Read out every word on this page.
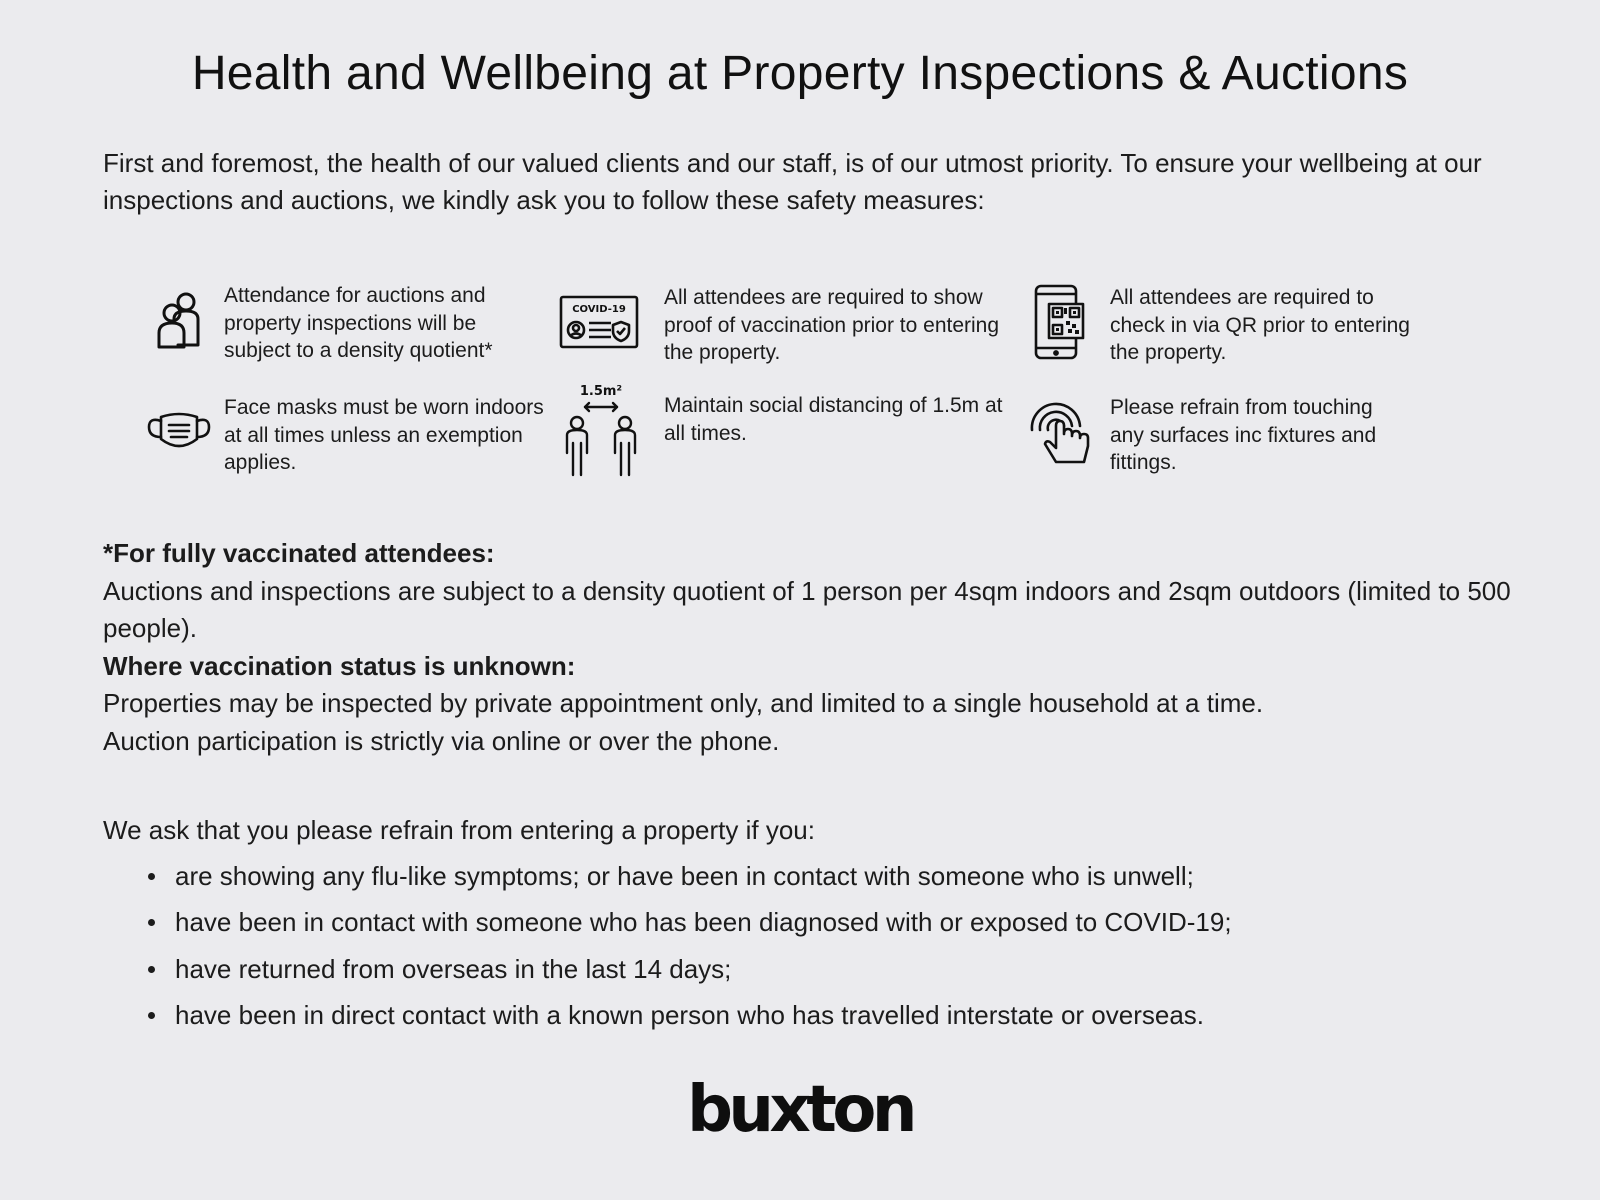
Health and Wellbeing at Property Inspections & Auctions

First and foremost, the health of our valued clients and our staff, is of our utmost priority. To ensure your wellbeing at our inspections and auctions, we kindly ask you to follow these safety measures:

Attendance for auctions and property inspections will be subject to a density quotient*
COVID-19
All attendees are required to show proof of vaccination prior to entering the property.
All attendees are required to check in via QR prior to entering the property.
Face masks must be worn indoors at all times unless an exemption applies.
1.5m²
Maintain social distancing of 1.5m at all times.
Please refrain from touching any surfaces inc fixtures and fittings.

*For fully vaccinated attendees:

Auctions and inspections are subject to a density quotient of 1 person per 4sqm indoors and 2sqm outdoors (limited to 500 people).

Where vaccination status is unknown:

Properties may be inspected by private appointment only, and limited to a single household at a time.

Auction participation is strictly via online or over the phone.

We ask that you please refrain from entering a property if you:

are showing any flu-like symptoms; or have been in contact with someone who is unwell;
have been in contact with someone who has been diagnosed with or exposed to COVID-19;
have returned from overseas in the last 14 days;
have been in direct contact with a known person who has travelled interstate or overseas.
buxton
